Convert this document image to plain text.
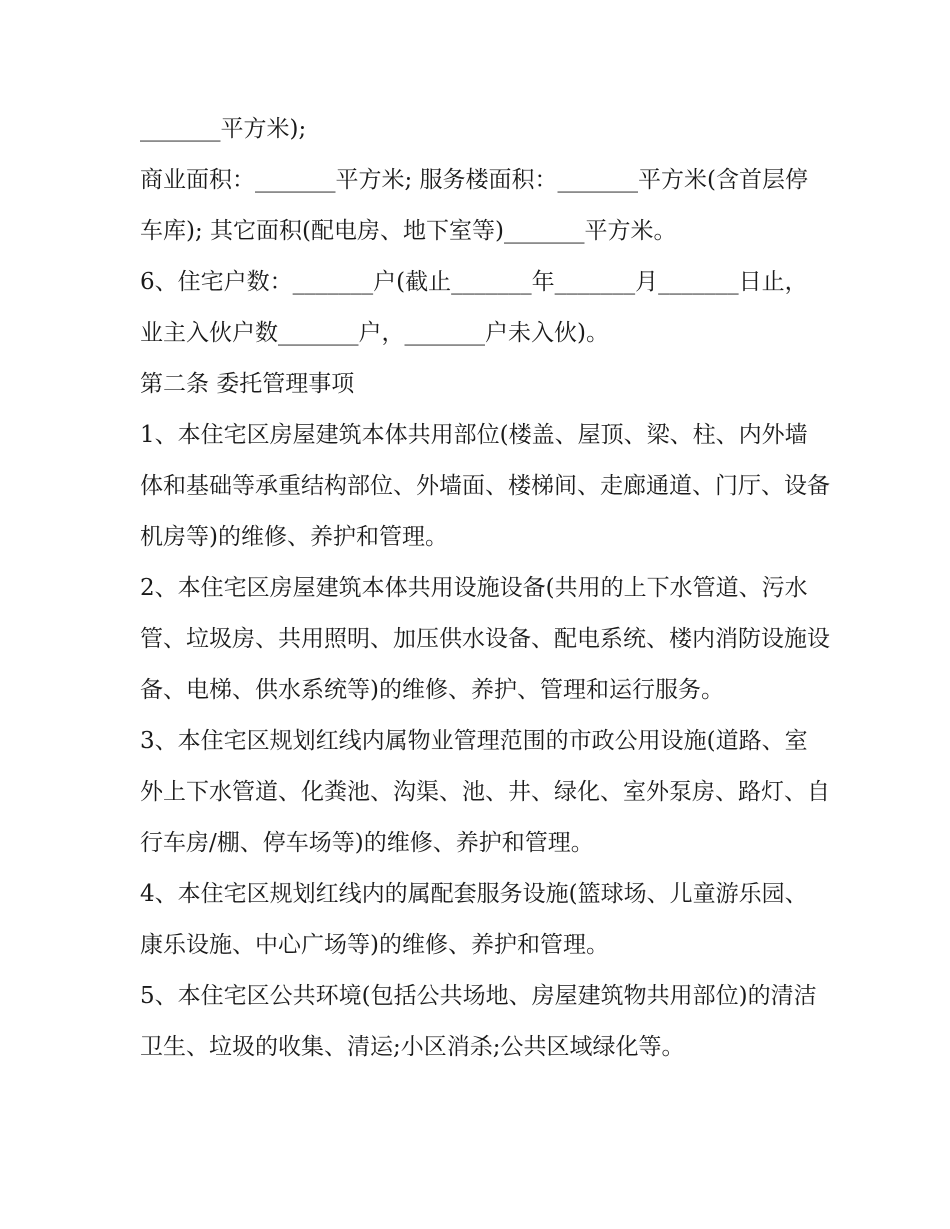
_______平方米);

商业面积：_______平方米; 服务楼面积：_______平方米(含首层停车库); 其它面积(配电房、地下室等)_______平方米。

6、住宅户数：_______户(截止_______年_______月_______日止，业主入伙户数_______户，_______户未入伙)。

第二条 委托管理事项

1、本住宅区房屋建筑本体共用部位(楼盖、屋顶、梁、柱、内外墙体和基础等承重结构部位、外墙面、楼梯间、走廊通道、门厅、设备机房等)的维修、养护和管理。

2、本住宅区房屋建筑本体共用设施设备(共用的上下水管道、污水管、垃圾房、共用照明、加压供水设备、配电系统、楼内消防设施设备、电梯、供水系统等)的维修、养护、管理和运行服务。

3、本住宅区规划红线内属物业管理范围的市政公用设施(道路、室外上下水管道、化粪池、沟渠、池、井、绿化、室外泵房、路灯、自行车房/棚、停车场等)的维修、养护和管理。

4、本住宅区规划红线内的属配套服务设施(篮球场、儿童游乐园、康乐设施、中心广场等)的维修、养护和管理。

5、本住宅区公共环境(包括公共场地、房屋建筑物共用部位)的清洁卫生、垃圾的收集、清运;小区消杀;公共区域绿化等。
